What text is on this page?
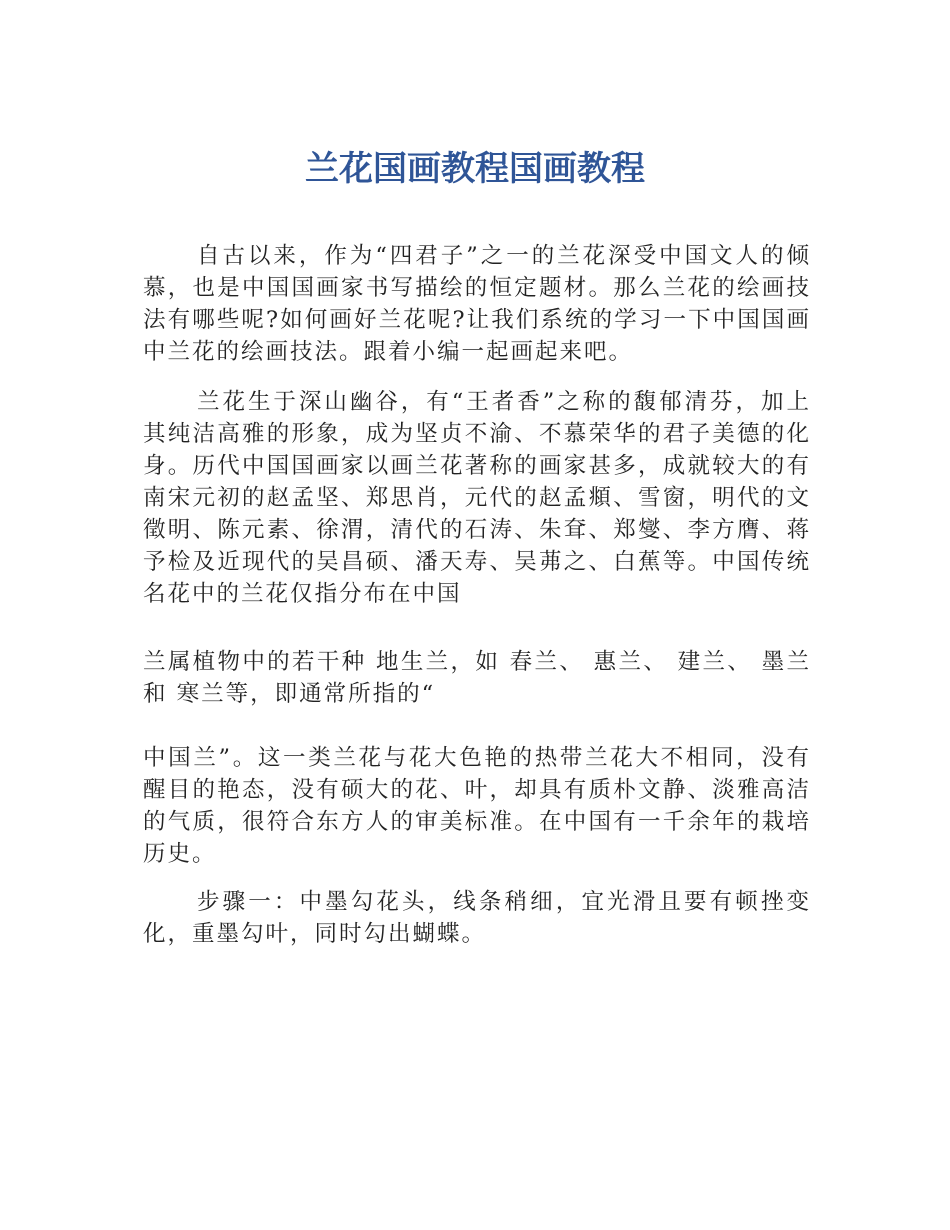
兰花国画教程国画教程

自古以来，作为“四君子”之一的兰花深受中国文人的倾慕，也是中国国画家书写描绘的恒定题材。那么兰花的绘画技法有哪些呢?如何画好兰花呢?让我们系统的学习一下中国国画中兰花的绘画技法。跟着小编一起画起来吧。

兰花生于深山幽谷，有“王者香”之称的馥郁清芬，加上其纯洁高雅的形象，成为坚贞不渝、不慕荣华的君子美德的化身。历代中国国画家以画兰花著称的画家甚多，成就较大的有南宋元初的赵孟坚、郑思肖，元代的赵孟頫、雪窗，明代的文徵明、陈元素、徐渭，清代的石涛、朱耷、郑燮、李方膺、蒋予检及近现代的吴昌硕、潘天寿、吴茀之、白蕉等。中国传统名花中的兰花仅指分布在中国

兰属植物中的若干种 地生兰，如 春兰、 惠兰、 建兰、 墨兰和 寒兰等，即通常所指的“

中国兰”。这一类兰花与花大色艳的热带兰花大不相同，没有醒目的艳态，没有硕大的花、叶，却具有质朴文静、淡雅高洁的气质，很符合东方人的审美标准。在中国有一千余年的栽培历史。

步骤一：中墨勾花头，线条稍细，宜光滑且要有顿挫变化，重墨勾叶，同时勾出蝴蝶。
